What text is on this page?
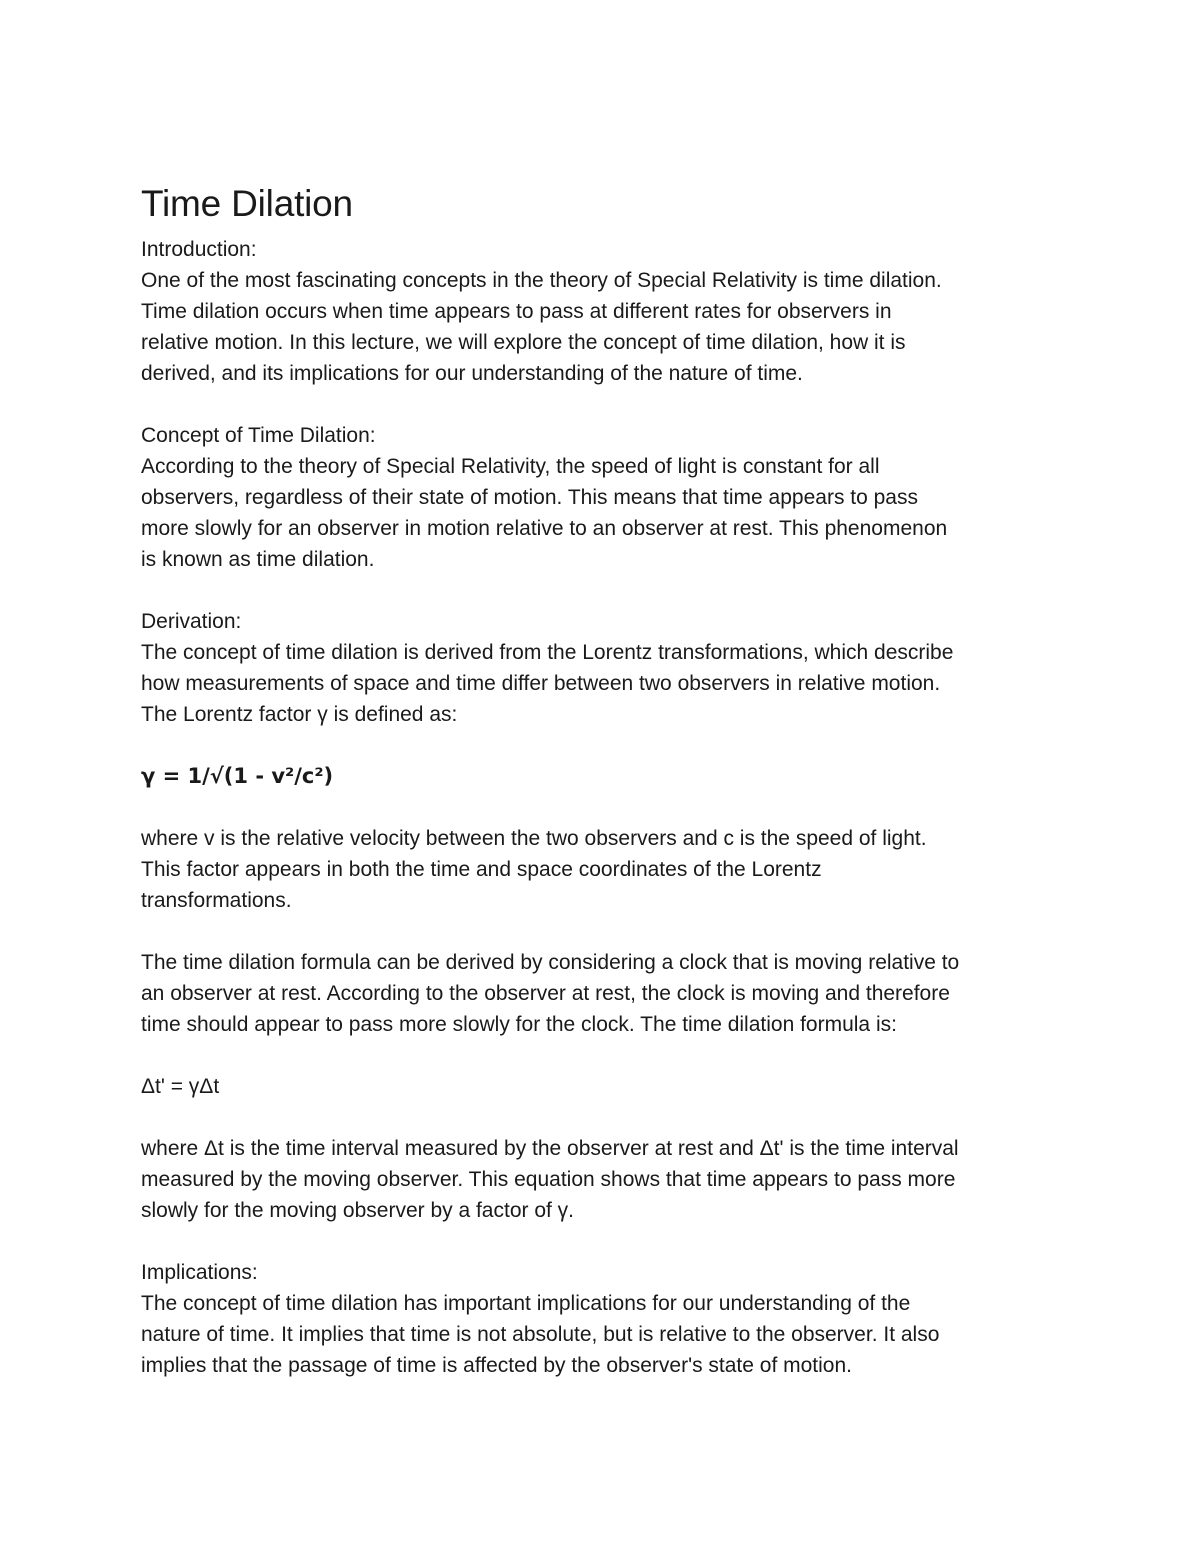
Time Dilation

Introduction:

One of the most fascinating concepts in the theory of Special Relativity is time dilation.
Time dilation occurs when time appears to pass at different rates for observers in
relative motion. In this lecture, we will explore the concept of time dilation, how it is
derived, and its implications for our understanding of the nature of time.

Concept of Time Dilation:

According to the theory of Special Relativity, the speed of light is constant for all
observers, regardless of their state of motion. This means that time appears to pass
more slowly for an observer in motion relative to an observer at rest. This phenomenon
is known as time dilation.

Derivation:

The concept of time dilation is derived from the Lorentz transformations, which describe
how measurements of space and time differ between two observers in relative motion.
The Lorentz factor γ is defined as:

γ = 1/√(1 - v²/c²)

where v is the relative velocity between the two observers and c is the speed of light.
This factor appears in both the time and space coordinates of the Lorentz
transformations.

The time dilation formula can be derived by considering a clock that is moving relative to
an observer at rest. According to the observer at rest, the clock is moving and therefore
time should appear to pass more slowly for the clock. The time dilation formula is:

Δt' = γΔt

where Δt is the time interval measured by the observer at rest and Δt' is the time interval
measured by the moving observer. This equation shows that time appears to pass more
slowly for the moving observer by a factor of γ.

Implications:

The concept of time dilation has important implications for our understanding of the
nature of time. It implies that time is not absolute, but is relative to the observer. It also
implies that the passage of time is affected by the observer's state of motion.
